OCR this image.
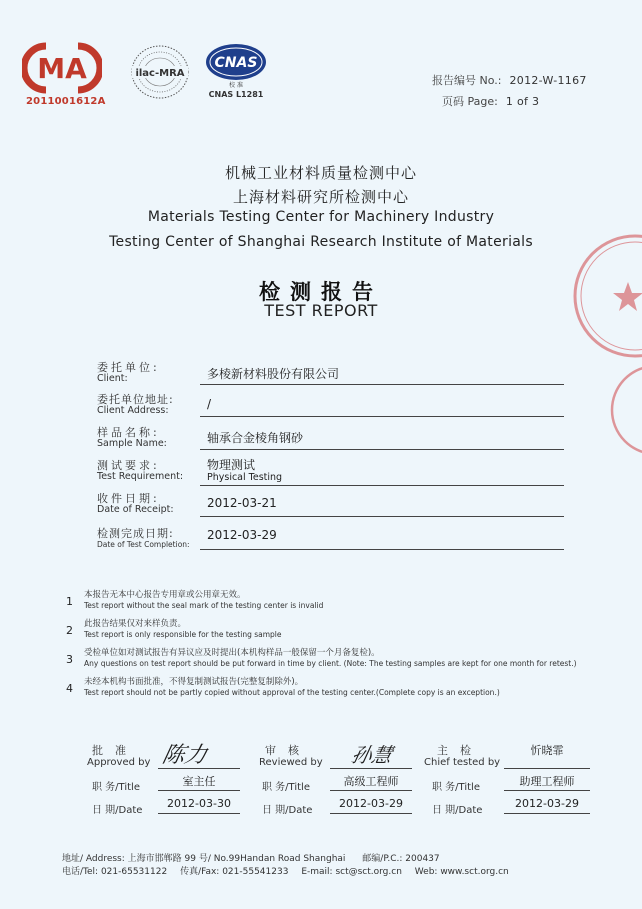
MA
2011001612A
ilac-MRA
CNAS
校 准
CNAS L1281
报告编号 No.: 2012-W-1167
页码 Page: 1 of 3
机械工业材料质量检测中心
上海材料研究所检测中心
Materials Testing Center for Machinery Industry
Testing Center of Shanghai Research Institute of Materials
检测报告
TEST REPORT
委托单位:
Client:	多棱新材料股份有限公司
委托单位地址:
Client Address:	/
样品名称:
Sample Name:	轴承合金棱角钢砂
测试要求:
Test Requirement:
物理测试
Physical Testing
收件日期:
Date of Receipt:	2012-03-21
检测完成日期:
Date of Test Completion:
2012-03-29
1 本报告无本中心报告专用章或公用章无效。
Test report without the seal mark of the testing center is invalid
2 此报告结果仅对来样负责。
Test report is only responsible for the testing sample
3 受检单位如对测试报告有异议应及时提出(本机构样品一般保留一个月备复检)。
Any questions on test report should be put forward in time by client. (Note: The testing samples are kept for one month for retest.)
4 未经本机构书面批准，不得复制测试报告(完整复制除外)。
Test report should not be partly copied without approval of the testing center.(Complete copy is an exception.)
批准
Approved by 陈力
职 务/Title	室主任
日 期/Date
2012-03-30
审核
Reviewed by 孙慧
职 务/Title	高级工程师
日 期/Date
2012-03-29
主检
Chief tested by
忻晓霏
职 务/Title	助理工程师
日 期/Date
2012-03-29
地址/ Address: 上海市邯郸路 99 号/ No.99Handan Road Shanghai 邮编/P.C.: 200437
电话/Tel: 021-65531122 传真/Fax: 021-55541233 E-mail: sct@sct.org.cn Web: www.sct.org.cn
